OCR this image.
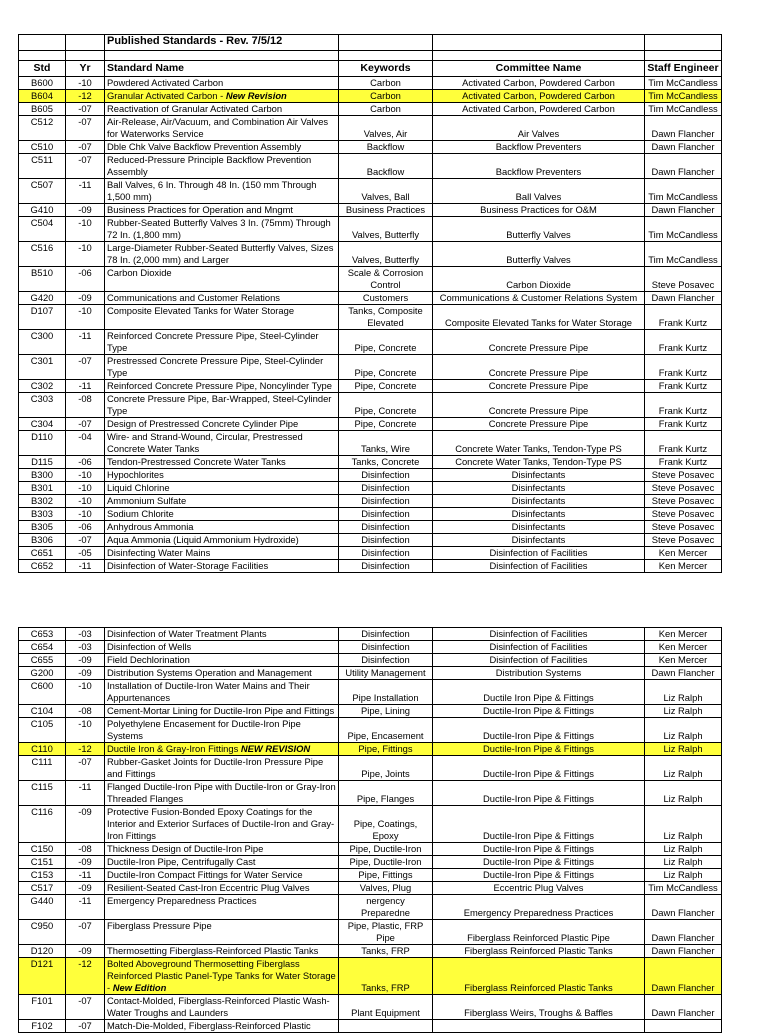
		Published Standards - Rev. 7/5/12			

Std	Yr	Standard Name	Keywords	Committee Name	Staff Engineer
B600	-10	Powdered Activated Carbon	Carbon	Activated Carbon, Powdered Carbon	Tim McCandless
B604	-12	Granular Activated Carbon - New Revision	Carbon	Activated Carbon, Powdered Carbon	Tim McCandless
B605	-07	Reactivation of Granular Activated Carbon	Carbon	Activated Carbon, Powdered Carbon	Tim McCandless
C512	-07	Air-Release, Air/Vacuum, and Combination Air Valves for Waterworks Service	Valves, Air	Air Valves	Dawn Flancher
C510	-07	Dble Chk Valve Backflow Prevention Assembly	Backflow	Backflow Preventers	Dawn Flancher
C511	-07	Reduced-Pressure Principle Backflow Prevention Assembly	Backflow	Backflow Preventers	Dawn Flancher
C507	-11	Ball Valves, 6 In. Through 48 In. (150 mm Through 1,500 mm)	Valves, Ball	Ball Valves	Tim McCandless
G410	-09	Business Practices for Operation and Mngmt	Business Practices	Business Practices for O&M	Dawn Flancher
C504	-10	Rubber-Seated Butterfly Valves 3 In. (75mm) Through 72 In. (1,800 mm)	Valves, Butterfly	Butterfly Valves	Tim McCandless
C516	-10	Large-Diameter Rubber-Seated Butterfly Valves, Sizes 78 In. (2,000 mm) and Larger	Valves, Butterfly	Butterfly Valves	Tim McCandless
B510	-06	Carbon Dioxide	Scale & Corrosion Control	Carbon Dioxide	Steve Posavec
G420	-09	Communications and Customer Relations	Customers	Communications & Customer Relations System	Dawn Flancher
D107	-10	Composite Elevated Tanks for Water Storage	Tanks, Composite Elevated	Composite Elevated Tanks for Water Storage	Frank Kurtz
C300	-11	Reinforced Concrete Pressure Pipe, Steel-Cylinder Type	Pipe, Concrete	Concrete Pressure Pipe	Frank Kurtz
C301	-07	Prestressed Concrete Pressure Pipe, Steel-Cylinder Type	Pipe, Concrete	Concrete Pressure Pipe	Frank Kurtz
C302	-11	Reinforced Concrete Pressure Pipe, Noncylinder Type	Pipe, Concrete	Concrete Pressure Pipe	Frank Kurtz
C303	-08	Concrete Pressure Pipe, Bar-Wrapped, Steel-Cylinder Type	Pipe, Concrete	Concrete Pressure Pipe	Frank Kurtz
C304	-07	Design of Prestressed Concrete Cylinder Pipe	Pipe, Concrete	Concrete Pressure Pipe	Frank Kurtz
D110	-04	Wire- and Strand-Wound, Circular, Prestressed Concrete Water Tanks	Tanks, Wire	Concrete Water Tanks, Tendon-Type PS	Frank Kurtz
D115	-06	Tendon-Prestressed Concrete Water Tanks	Tanks, Concrete	Concrete Water Tanks, Tendon-Type PS	Frank Kurtz
B300	-10	Hypochlorites	Disinfection	Disinfectants	Steve Posavec
B301	-10	Liquid Chlorine	Disinfection	Disinfectants	Steve Posavec
B302	-10	Ammonium Sulfate	Disinfection	Disinfectants	Steve Posavec
B303	-10	Sodium Chlorite	Disinfection	Disinfectants	Steve Posavec
B305	-06	Anhydrous Ammonia	Disinfection	Disinfectants	Steve Posavec
B306	-07	Aqua Ammonia (Liquid Ammonium Hydroxide)	Disinfection	Disinfectants	Steve Posavec
C651	-05	Disinfecting Water Mains	Disinfection	Disinfection of Facilities	Ken Mercer
C652	-11	Disinfection of Water-Storage Facilities	Disinfection	Disinfection of Facilities	Ken Mercer
C653	-03	Disinfection of Water Treatment Plants	Disinfection	Disinfection of Facilities	Ken Mercer
C654	-03	Disinfection of Wells	Disinfection	Disinfection of Facilities	Ken Mercer
C655	-09	Field Dechlorination	Disinfection	Disinfection of Facilities	Ken Mercer
G200	-09	Distribution Systems Operation and Management	Utility Management	Distribution Systems	Dawn Flancher
C600	-10	Installation of Ductile-Iron Water Mains and Their Appurtenances	Pipe Installation	Ductile Iron Pipe & Fittings	Liz Ralph
C104	-08	Cement-Mortar Lining for Ductile-Iron Pipe and Fittings	Pipe, Lining	Ductile-Iron Pipe & Fittings	Liz Ralph
C105	-10	Polyethylene Encasement for Ductile-Iron Pipe Systems	Pipe, Encasement	Ductile-Iron Pipe & Fittings	Liz Ralph
C110	-12	Ductile Iron & Gray-Iron Fittings NEW REVISION	Pipe, Fittings	Ductile-Iron Pipe & Fittings	Liz Ralph
C111	-07	Rubber-Gasket Joints for Ductile-Iron Pressure Pipe and Fittings	Pipe, Joints	Ductile-Iron Pipe & Fittings	Liz Ralph
C115	-11	Flanged Ductile-Iron Pipe with Ductile-Iron or Gray-Iron Threaded Flanges	Pipe, Flanges	Ductile-Iron Pipe & Fittings	Liz Ralph
C116	-09	Protective Fusion-Bonded Epoxy Coatings for the Interior and Exterior Surfaces of Ductile-Iron and Gray-Iron Fittings	Pipe, Coatings, Epoxy	Ductile-Iron Pipe & Fittings	Liz Ralph
C150	-08	Thickness Design of Ductile-Iron Pipe	Pipe, Ductile-Iron	Ductile-Iron Pipe & Fittings	Liz Ralph
C151	-09	Ductile-Iron Pipe, Centrifugally Cast	Pipe, Ductile-Iron	Ductile-Iron Pipe & Fittings	Liz Ralph
C153	-11	Ductile-Iron Compact Fittings for Water Service	Pipe, Fittings	Ductile-Iron Pipe & Fittings	Liz Ralph
C517	-09	Resilient-Seated Cast-Iron Eccentric Plug Valves	Valves, Plug	Eccentric Plug Valves	Tim McCandless
G440	-11	Emergency Preparedness Practices	nergency Preparedne	Emergency Preparedness Practices	Dawn Flancher
C950	-07	Fiberglass Pressure Pipe	Pipe, Plastic, FRP Pipe	Fiberglass Reinforced Plastic Pipe	Dawn Flancher
D120	-09	Thermosetting Fiberglass-Reinforced Plastic Tanks	Tanks, FRP	Fiberglass Reinforced Plastic Tanks	Dawn Flancher
D121	-12	Bolted Aboveground Thermosetting Fiberglass Reinforced Plastic Panel-Type Tanks for Water Storage - New Edition	Tanks, FRP	Fiberglass Reinforced Plastic Tanks	Dawn Flancher
F101	-07	Contact-Molded, Fiberglass-Reinforced Plastic Wash-Water Troughs and Launders	Plant Equipment	Fiberglass Weirs, Troughs & Baffles	Dawn Flancher
F102	-07	Match-Die-Molded, Fiberglass-Reinforced Plastic			
